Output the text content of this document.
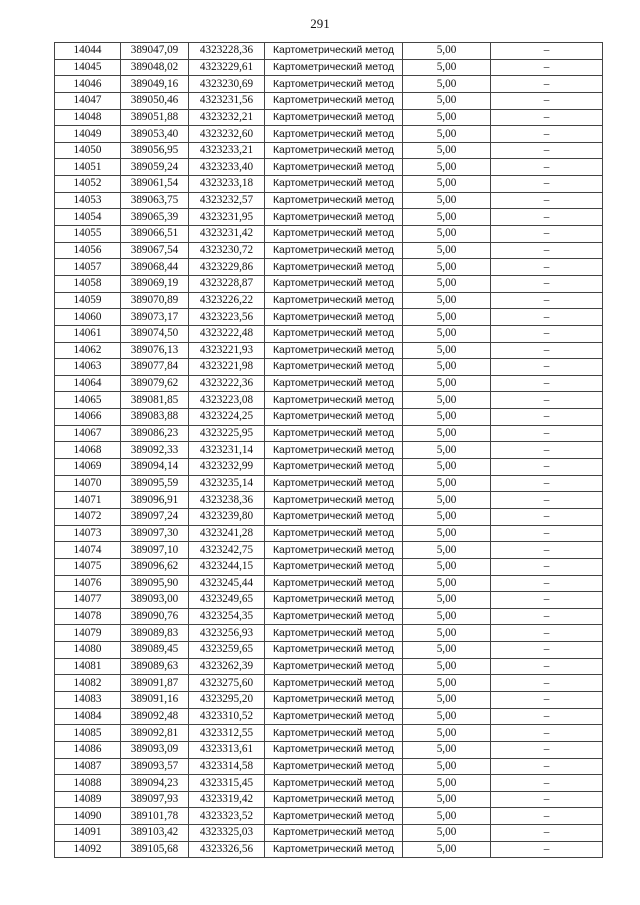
291
14044	389047,09	4323228,36	Картометрический метод	5,00	–
14045	389048,02	4323229,61	Картометрический метод	5,00	–
14046	389049,16	4323230,69	Картометрический метод	5,00	–
14047	389050,46	4323231,56	Картометрический метод	5,00	–
14048	389051,88	4323232,21	Картометрический метод	5,00	–
14049	389053,40	4323232,60	Картометрический метод	5,00	–
14050	389056,95	4323233,21	Картометрический метод	5,00	–
14051	389059,24	4323233,40	Картометрический метод	5,00	–
14052	389061,54	4323233,18	Картометрический метод	5,00	–
14053	389063,75	4323232,57	Картометрический метод	5,00	–
14054	389065,39	4323231,95	Картометрический метод	5,00	–
14055	389066,51	4323231,42	Картометрический метод	5,00	–
14056	389067,54	4323230,72	Картометрический метод	5,00	–
14057	389068,44	4323229,86	Картометрический метод	5,00	–
14058	389069,19	4323228,87	Картометрический метод	5,00	–
14059	389070,89	4323226,22	Картометрический метод	5,00	–
14060	389073,17	4323223,56	Картометрический метод	5,00	–
14061	389074,50	4323222,48	Картометрический метод	5,00	–
14062	389076,13	4323221,93	Картометрический метод	5,00	–
14063	389077,84	4323221,98	Картометрический метод	5,00	–
14064	389079,62	4323222,36	Картометрический метод	5,00	–
14065	389081,85	4323223,08	Картометрический метод	5,00	–
14066	389083,88	4323224,25	Картометрический метод	5,00	–
14067	389086,23	4323225,95	Картометрический метод	5,00	–
14068	389092,33	4323231,14	Картометрический метод	5,00	–
14069	389094,14	4323232,99	Картометрический метод	5,00	–
14070	389095,59	4323235,14	Картометрический метод	5,00	–
14071	389096,91	4323238,36	Картометрический метод	5,00	–
14072	389097,24	4323239,80	Картометрический метод	5,00	–
14073	389097,30	4323241,28	Картометрический метод	5,00	–
14074	389097,10	4323242,75	Картометрический метод	5,00	–
14075	389096,62	4323244,15	Картометрический метод	5,00	–
14076	389095,90	4323245,44	Картометрический метод	5,00	–
14077	389093,00	4323249,65	Картометрический метод	5,00	–
14078	389090,76	4323254,35	Картометрический метод	5,00	–
14079	389089,83	4323256,93	Картометрический метод	5,00	–
14080	389089,45	4323259,65	Картометрический метод	5,00	–
14081	389089,63	4323262,39	Картометрический метод	5,00	–
14082	389091,87	4323275,60	Картометрический метод	5,00	–
14083	389091,16	4323295,20	Картометрический метод	5,00	–
14084	389092,48	4323310,52	Картометрический метод	5,00	–
14085	389092,81	4323312,55	Картометрический метод	5,00	–
14086	389093,09	4323313,61	Картометрический метод	5,00	–
14087	389093,57	4323314,58	Картометрический метод	5,00	–
14088	389094,23	4323315,45	Картометрический метод	5,00	–
14089	389097,93	4323319,42	Картометрический метод	5,00	–
14090	389101,78	4323323,52	Картометрический метод	5,00	–
14091	389103,42	4323325,03	Картометрический метод	5,00	–
14092	389105,68	4323326,56	Картометрический метод	5,00	–
